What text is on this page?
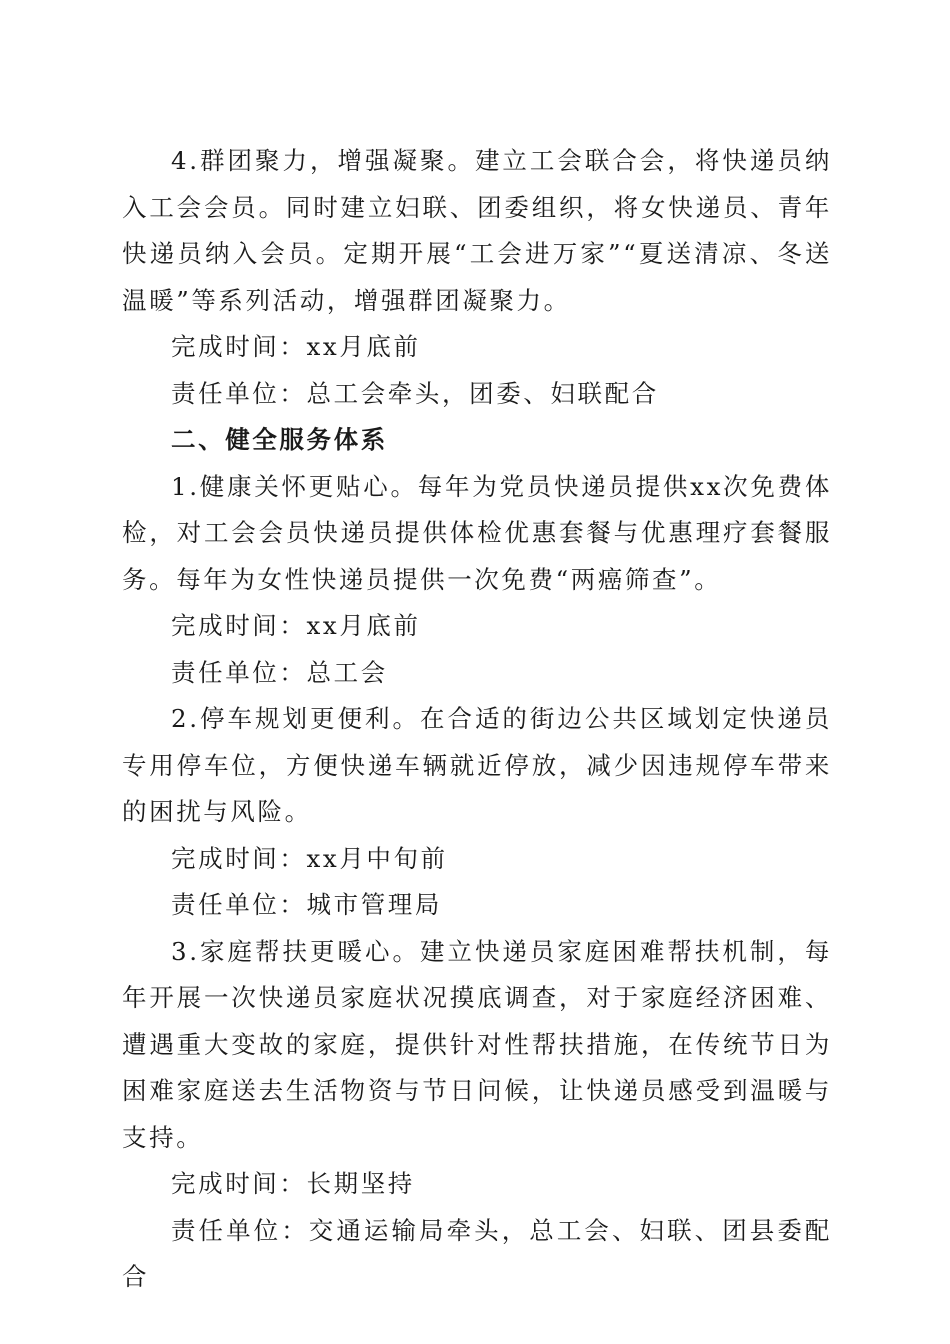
4.群团聚力，增强凝聚。建立工会联合会，将快递员纳入工会会员。同时建立妇联、团委组织，将女快递员、青年快递员纳入会员。定期开展“工会进万家”“夏送清凉、冬送温暖”等系列活动，增强群团凝聚力。

完成时间：xx月底前

责任单位：总工会牵头，团委、妇联配合

二、健全服务体系

1.健康关怀更贴心。每年为党员快递员提供xx次免费体检，对工会会员快递员提供体检优惠套餐与优惠理疗套餐服务。每年为女性快递员提供一次免费“两癌筛查”。

完成时间：xx月底前

责任单位：总工会

2.停车规划更便利。在合适的街边公共区域划定快递员专用停车位，方便快递车辆就近停放，减少因违规停车带来的困扰与风险。

完成时间：xx月中旬前

责任单位：城市管理局

3.家庭帮扶更暖心。建立快递员家庭困难帮扶机制，每年开展一次快递员家庭状况摸底调查，对于家庭经济困难、遭遇重大变故的家庭，提供针对性帮扶措施，在传统节日为困难家庭送去生活物资与节日问候，让快递员感受到温暖与支持。

完成时间：长期坚持

责任单位：交通运输局牵头，总工会、妇联、团县委配合
